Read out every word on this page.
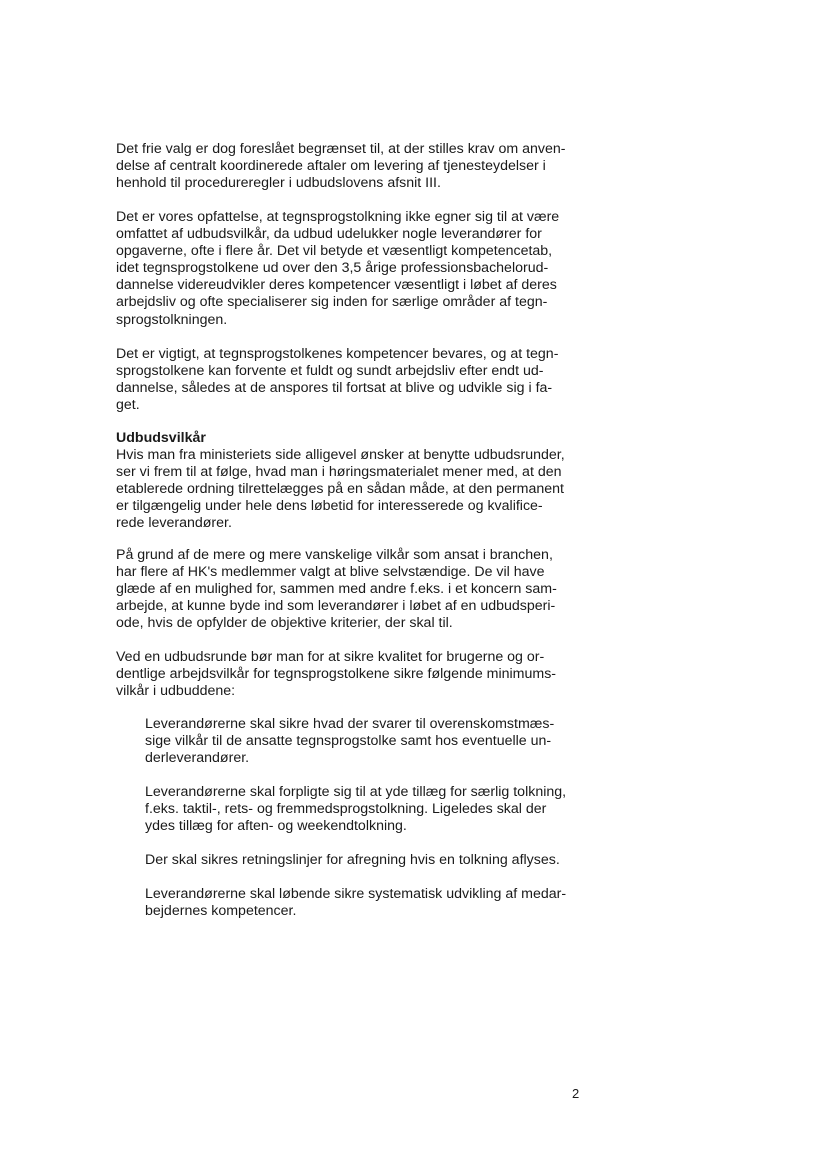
Det frie valg er dog foreslået begrænset til, at der stilles krav om anven-
delse af centralt koordinerede aftaler om levering af tjenesteydelser i
henhold til procedureregler i udbudslovens afsnit III.

Det er vores opfattelse, at tegnsprogstolkning ikke egner sig til at være
omfattet af udbudsvilkår, da udbud udelukker nogle leverandører for
opgaverne, ofte i flere år. Det vil betyde et væsentligt kompetencetab,
idet tegnsprogstolkene ud over den 3,5 årige professionsbachelorud-
dannelse videreudvikler deres kompetencer væsentligt i løbet af deres
arbejdsliv og ofte specialiserer sig inden for særlige områder af tegn-
sprogstolkningen.

Det er vigtigt, at tegnsprogstolkenes kompetencer bevares, og at tegn-
sprogstolkene kan forvente et fuldt og sundt arbejdsliv efter endt ud-
dannelse, således at de anspores til fortsat at blive og udvikle sig i fa-
get.

Udbudsvilkår

Hvis man fra ministeriets side alligevel ønsker at benytte udbudsrunder,
ser vi frem til at følge, hvad man i høringsmaterialet mener med, at den
etablerede ordning tilrettelægges på en sådan måde, at den permanent
er tilgængelig under hele dens løbetid for interesserede og kvalifice-
rede leverandører.

På grund af de mere og mere vanskelige vilkår som ansat i branchen,
har flere af HK's medlemmer valgt at blive selvstændige. De vil have
glæde af en mulighed for, sammen med andre f.eks. i et koncern sam-
arbejde, at kunne byde ind som leverandører i løbet af en udbudsperi-
ode, hvis de opfylder de objektive kriterier, der skal til.

Ved en udbudsrunde bør man for at sikre kvalitet for brugerne og or-
dentlige arbejdsvilkår for tegnsprogstolkene sikre følgende minimums-
vilkår i udbuddene:

Leverandørerne skal sikre hvad der svarer til overenskomstmæs-
sige vilkår til de ansatte tegnsprogstolke samt hos eventuelle un-
derleverandører.

Leverandørerne skal forpligte sig til at yde tillæg for særlig tolkning,
f.eks. taktil-, rets- og fremmedsprogstolkning. Ligeledes skal der
ydes tillæg for aften- og weekendtolkning.

Der skal sikres retningslinjer for afregning hvis en tolkning aflyses.

Leverandørerne skal løbende sikre systematisk udvikling af medar-
bejdernes kompetencer.

2
